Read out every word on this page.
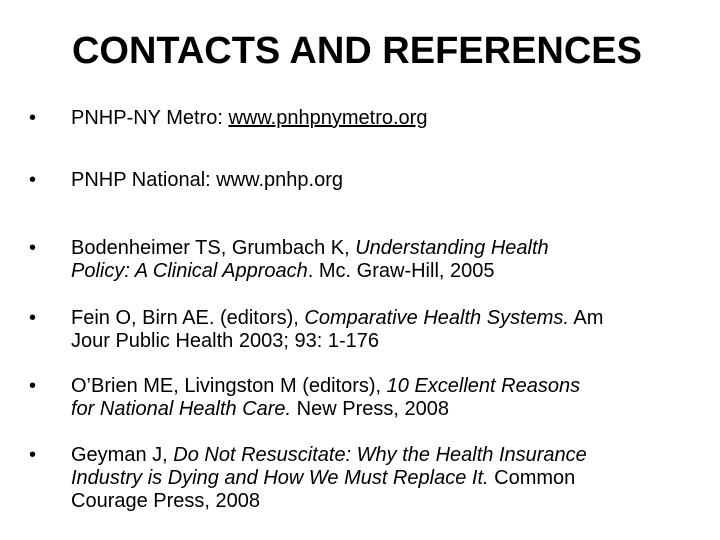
CONTACTS AND REFERENCES
• PNHP-NY Metro: www.pnhpnymetro.org
• PNHP National: www.pnhp.org
• Bodenheimer TS, Grumbach K, Understanding Health
Policy: A Clinical Approach. Mc. Graw-Hill, 2005
• Fein O, Birn AE. (editors), Comparative Health Systems. Am
Jour Public Health 2003; 93: 1-176
• O’Brien ME, Livingston M (editors), 10 Excellent Reasons
for National Health Care. New Press, 2008
• Geyman J, Do Not Resuscitate: Why the Health Insurance
Industry is Dying and How We Must Replace It. Common
Courage Press, 2008
